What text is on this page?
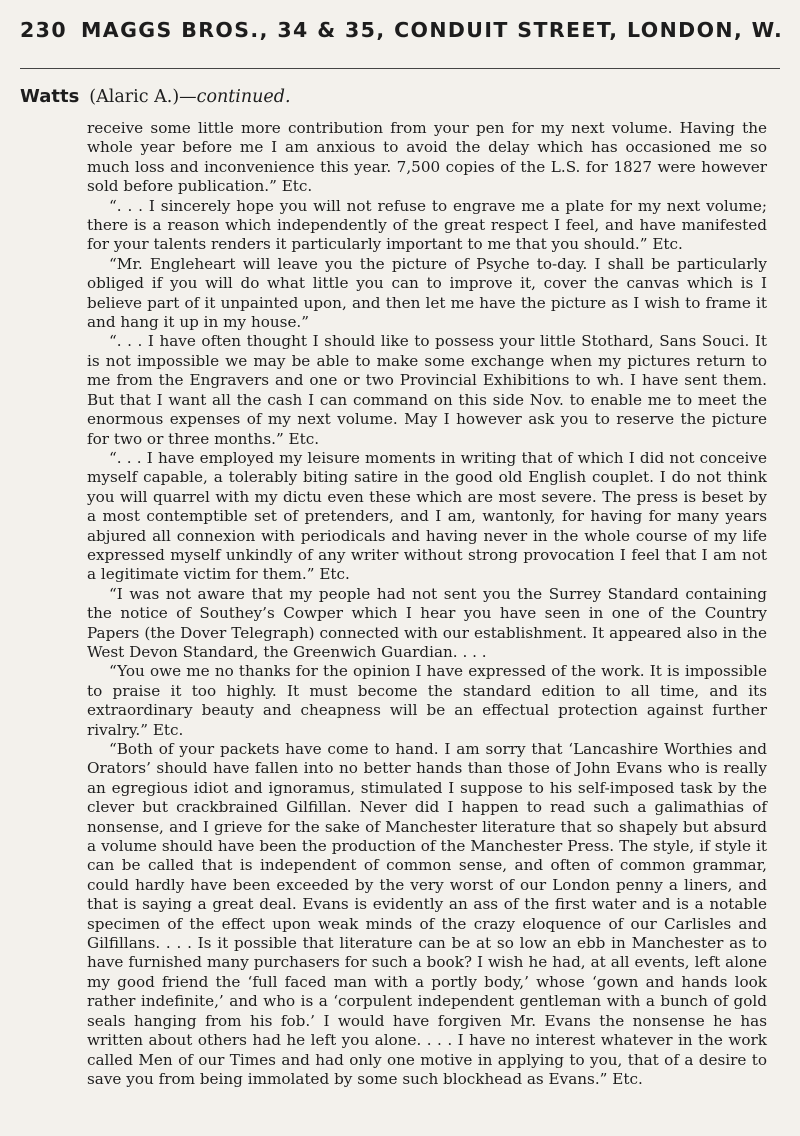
230 MAGGS BROS., 34 & 35, CONDUIT STREET, LONDON, W.
Watts (Alaric A.)—continued.

receive some little more contribution from your pen for my next volume. Having the whole year before me I am anxious to avoid the delay which has occasioned me so much loss and inconvenience this year. 7,500 copies of the L.S. for 1827 were however sold before publication.” Etc.

“. . . I sincerely hope you will not refuse to engrave me a plate for my next volume; there is a reason which independently of the great respect I feel, and have manifested for your talents renders it particularly important to me that you should.” Etc.

“Mr. Engleheart will leave you the picture of Psyche to-day. I shall be particularly obliged if you will do what little you can to improve it, cover the canvas which is I believe part of it unpainted upon, and then let me have the picture as I wish to frame it and hang it up in my house.”

“. . . I have often thought I should like to possess your little Stothard, Sans Souci. It is not impossible we may be able to make some exchange when my pictures return to me from the Engravers and one or two Provincial Exhibitions to wh. I have sent them. But that I want all the cash I can command on this side Nov. to enable me to meet the enormous expenses of my next volume. May I however ask you to reserve the picture for two or three months.” Etc.

“. . . I have employed my leisure moments in writing that of which I did not conceive myself capable, a tolerably biting satire in the good old English couplet. I do not think you will quarrel with my dictu even these which are most severe. The press is beset by a most contemptible set of pretenders, and I am, wantonly, for having for many years abjured all connexion with periodicals and having never in the whole course of my life expressed myself unkindly of any writer without strong provocation I feel that I am not a legitimate victim for them.” Etc.

“I was not aware that my people had not sent you the Surrey Standard containing the notice of Southey’s Cowper which I hear you have seen in one of the Country Papers (the Dover Telegraph) connected with our establishment. It appeared also in the West Devon Standard, the Greenwich Guardian. . . .

“You owe me no thanks for the opinion I have expressed of the work. It is impossible to praise it too highly. It must become the standard edition to all time, and its extraordinary beauty and cheapness will be an effectual protection against further rivalry.” Etc.

“Both of your packets have come to hand. I am sorry that ‘Lancashire Worthies and Orators’ should have fallen into no better hands than those of John Evans who is really an egregious idiot and ignoramus, stimulated I suppose to his self-imposed task by the clever but crackbrained Gilfillan. Never did I happen to read such a galimathias of nonsense, and I grieve for the sake of Manchester literature that so shapely but absurd a volume should have been the production of the Manchester Press. The style, if style it can be called that is independent of common sense, and often of common grammar, could hardly have been exceeded by the very worst of our London penny a liners, and that is saying a great deal. Evans is evidently an ass of the first water and is a notable specimen of the effect upon weak minds of the crazy eloquence of our Carlisles and Gilfillans. . . . Is it possible that literature can be at so low an ebb in Manchester as to have furnished many purchasers for such a book? I wish he had, at all events, left alone my good friend the ‘full faced man with a portly body,’ whose ‘gown and hands look rather indefinite,’ and who is a ‘corpulent independent gentleman with a bunch of gold seals hanging from his fob.’ I would have forgiven Mr. Evans the nonsense he has written about others had he left you alone. . . . I have no interest whatever in the work called Men of our Times and had only one motive in applying to you, that of a desire to save you from being immolated by some such blockhead as Evans.” Etc.
